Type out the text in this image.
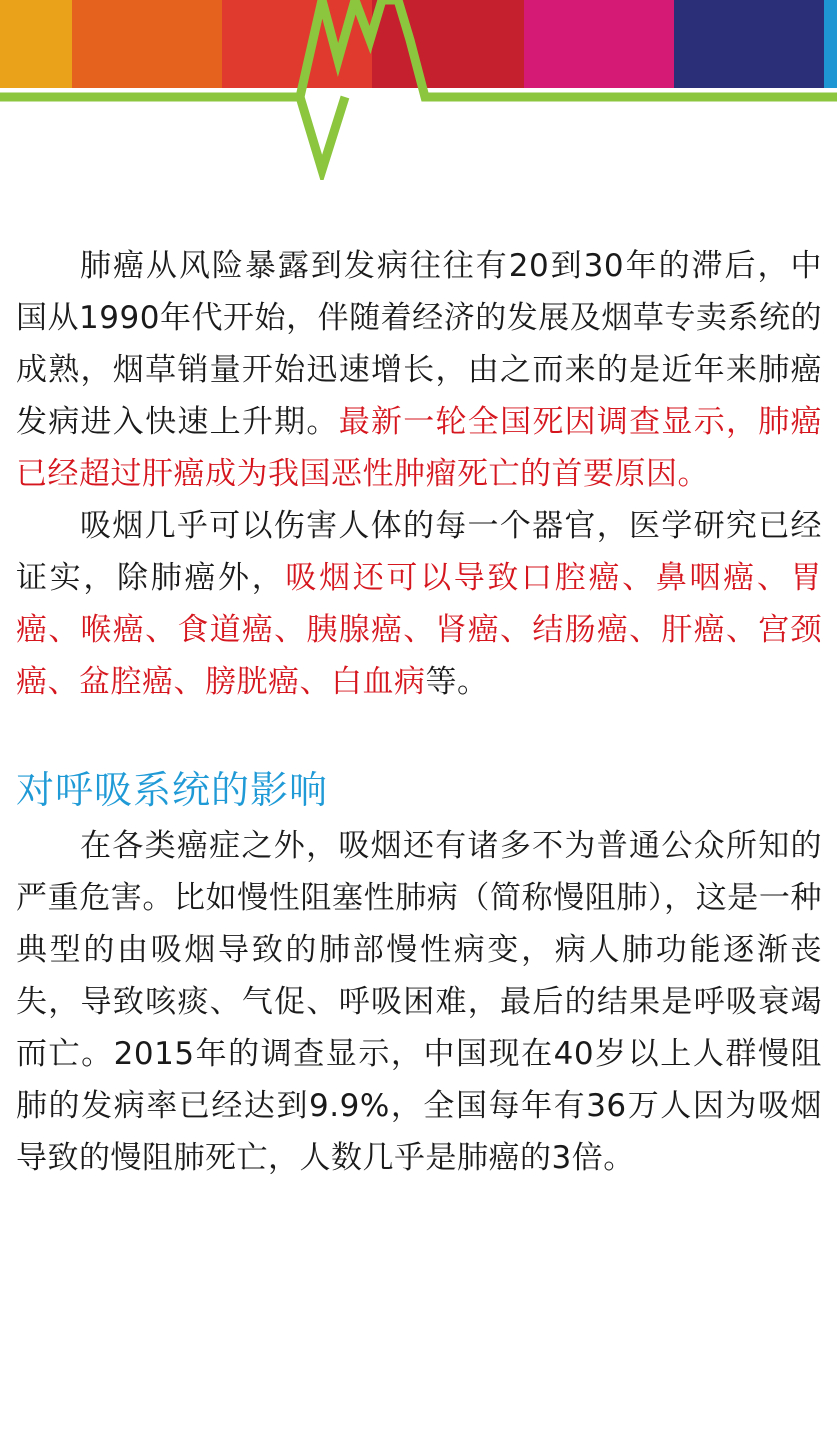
肺癌从风险暴露到发病往往有20到30年的滞后，中国从1990年代开始，伴随着经济的发展及烟草专卖系统的成熟，烟草销量开始迅速增长，由之而来的是近年来肺癌发病进入快速上升期。最新一轮全国死因调查显示，肺癌已经超过肝癌成为我国恶性肿瘤死亡的首要原因。

吸烟几乎可以伤害人体的每一个器官，医学研究已经证实，除肺癌外，吸烟还可以导致口腔癌、鼻咽癌、胃癌、喉癌、食道癌、胰腺癌、肾癌、结肠癌、肝癌、宫颈癌、盆腔癌、膀胱癌、白血病等。

对呼吸系统的影响

在各类癌症之外，吸烟还有诸多不为普通公众所知的严重危害。比如慢性阻塞性肺病（简称慢阻肺），这是一种典型的由吸烟导致的肺部慢性病变，病人肺功能逐渐丧失，导致咳痰、气促、呼吸困难，最后的结果是呼吸衰竭而亡。2015年的调查显示，中国现在40岁以上人群慢阻肺的发病率已经达到9.9%，全国每年有36万人因为吸烟导致的慢阻肺死亡，人数几乎是肺癌的3倍。
